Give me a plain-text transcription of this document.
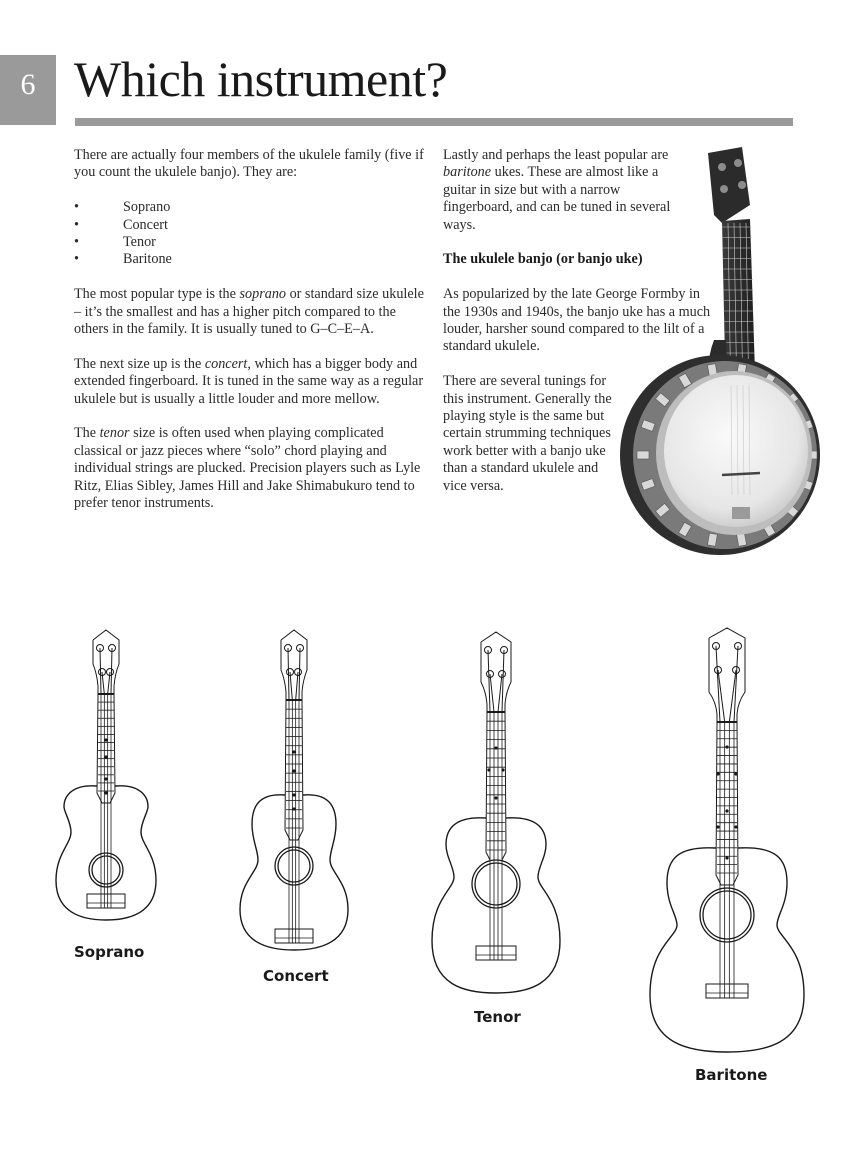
6 Which instrument?

There are actually four members of the ukulele family (five if you count the ukulele banjo). They are:

•	Soprano
•	Concert
•	Tenor
•	Baritone

The most popular type is the soprano or standard size ukulele – it’s the smallest and has a higher pitch compared to the others in the family. It is usually tuned to G–C–E–A.

The next size up is the concert, which has a bigger body and extended fingerboard. It is tuned in the same way as a regular ukulele but is usually a little louder and more mellow.

The tenor size is often used when playing complicated classical or jazz pieces where “solo” chord playing and individual strings are plucked. Precision players such as Lyle Ritz, Elias Sibley, James Hill and Jake Shimabukuro tend to prefer tenor instruments.

Lastly and perhaps the least popular are baritone ukes. These are almost like a guitar in size but with a narrow fingerboard, and can be tuned in several ways.

The ukulele banjo (or banjo uke)

As popularized by the late George Formby in the 1930s and 1940s, the banjo uke has a much louder, harsher sound compared to the lilt of a standard ukulele.

There are several tunings for this instrument. Generally the playing style is the same but certain strumming techniques work better with a banjo uke than a standard ukulele and vice versa.

Soprano
Concert
Tenor
Baritone
